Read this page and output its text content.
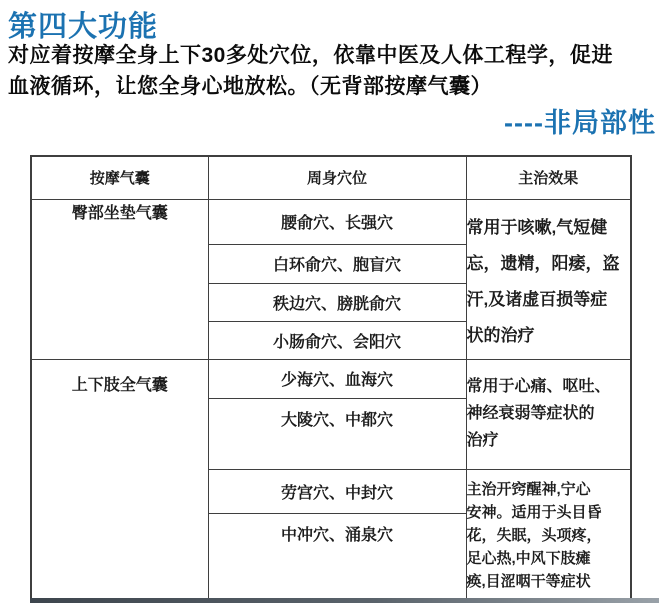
第四大功能
对应着按摩全身上下30多处穴位，依靠中医及人体工程学，促进
血液循环，让您全身心地放松。（无背部按摩气囊）
----非局部性
按摩气囊	周身穴位	主治效果
臀部坐垫气囊	腰俞穴、长强穴	常用于咳嗽,气短健
忘，遗精，阳痿，盗
汗,及诸虚百损等症
状的治疗

	白环俞穴、胞盲穴	
	秩边穴、膀胱俞穴	
	小肠俞穴、会阳穴	
上下肢全气囊	少海穴、血海穴	常用于心痛、呕吐、
神经衰弱等症状的
治疗

	大陵穴、中都穴	
	劳宫穴、中封穴	主治开窍醒神,宁心
安神。适用于头目昏
花，失眠，头项疼，
足心热,中风下肢瘫
痪,目涩咽干等症状

	中冲穴、涌泉穴	
